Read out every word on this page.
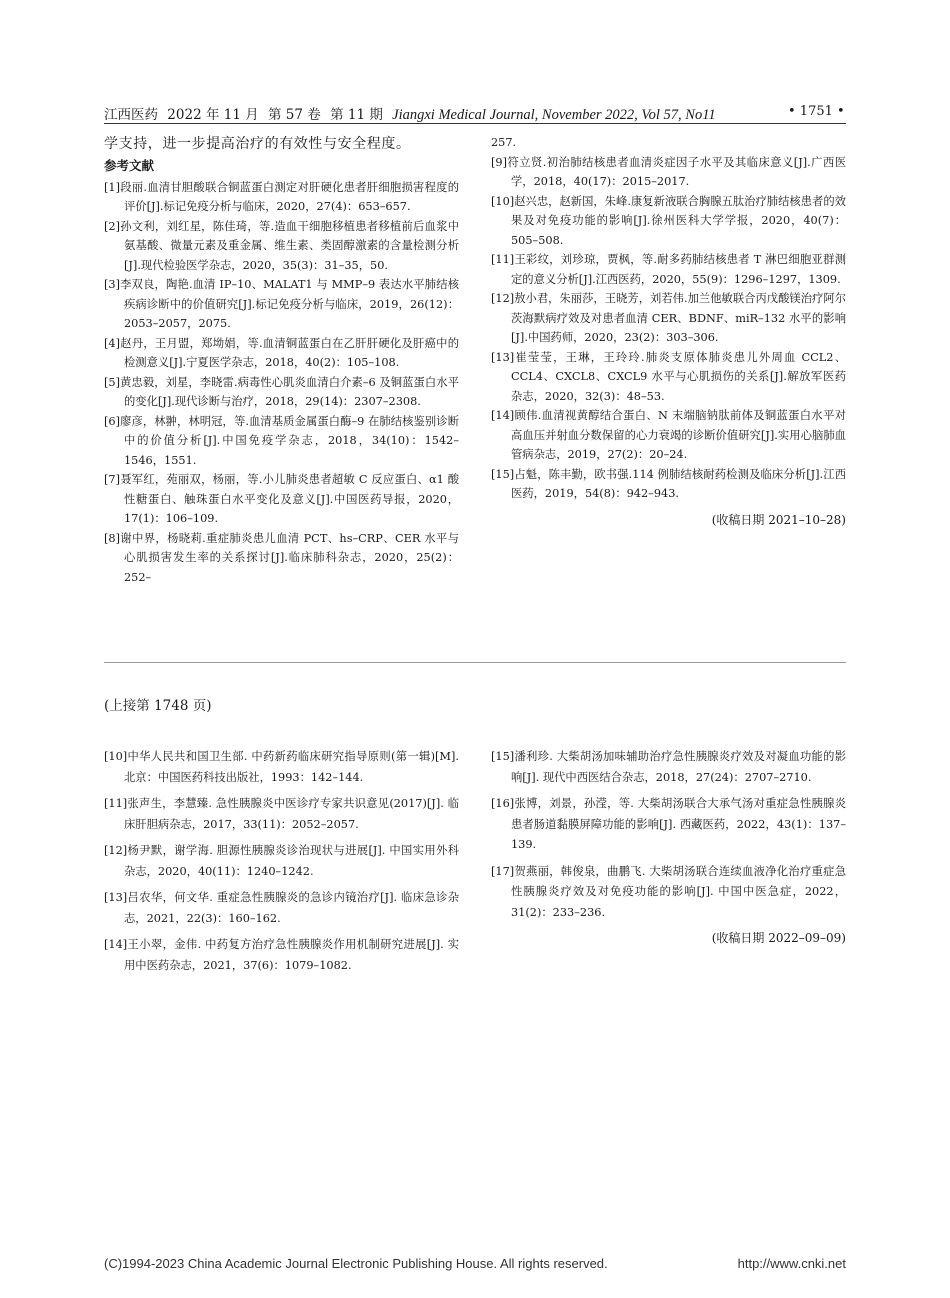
江西医药 2022 年 11 月 第 57 卷 第 11 期 Jiangxi Medical Journal, November 2022, Vol 57, No11	• 1751 •
学支持，进一步提高治疗的有效性与安全程度。
参考文献
[1]段丽.血清甘胆酸联合铜蓝蛋白测定对肝硬化患者肝细胞损害程度的评价[J].标记免疫分析与临床，2020，27(4)：653–657.
[2]孙文利，刘红星，陈佳琦，等.造血干细胞移植患者移植前后血浆中氨基酸、微量元素及重金属、维生素、类固醇激素的含量检测分析[J].现代检验医学杂志，2020，35(3)：31–35，50.
[3]李双良，陶艳.血清 IP–10、MALAT1 与 MMP–9 表达水平肺结核疾病诊断中的价值研究[J].标记免疫分析与临床，2019，26(12)：2053–2057，2075.
[4]赵丹，王月盟，郑坳娟，等.血清铜蓝蛋白在乙肝肝硬化及肝癌中的检测意义[J].宁夏医学杂志，2018，40(2)：105–108.
[5]黄忠毅，刘星，李晓雷.病毒性心肌炎血清白介素–6 及铜蓝蛋白水平的变化[J].现代诊断与治疗，2018，29(14)：2307–2308.
[6]廖彦，林翀，林明冠，等.血清基质金属蛋白酶–9 在肺结核鉴别诊断中的价值分析[J].中国免疫学杂志，2018，34(10)：1542–1546，1551.
[7]聂军红，苑丽双，杨丽，等.小儿肺炎患者超敏 C 反应蛋白、α1 酸性糖蛋白、触珠蛋白水平变化及意义[J].中国医药导报，2020，17(1)：106–109.
[8]谢中界，杨晓莉.重症肺炎患儿血清 PCT、hs–CRP、CER 水平与心肌损害发生率的关系探讨[J].临床肺科杂志，2020，25(2)：252–
257.
[9]符立贤.初治肺结核患者血清炎症因子水平及其临床意义[J].广西医学，2018，40(17)：2015–2017.
[10]赵兴忠，赵新国，朱峰.康复新液联合胸腺五肽治疗肺结核患者的效果及对免疫功能的影响[J].徐州医科大学学报，2020，40(7)：505–508.
[11]王彩纹，刘珍琼，贾枫，等.耐多药肺结核患者 T 淋巴细胞亚群测定的意义分析[J].江西医药，2020，55(9)：1296–1297，1309.
[12]敖小君，朱丽莎，王晓芳，刘若伟.加兰他敏联合丙戊酸镁治疗阿尔茨海默病疗效及对患者血清 CER、BDNF、miR–132 水平的影响[J].中国药师，2020，23(2)：303–306.
[13]崔莹莹，王琳，王玲玲.肺炎支原体肺炎患儿外周血 CCL2、CCL4、CXCL8、CXCL9 水平与心肌损伤的关系[J].解放军医药杂志，2020，32(3)：48–53.
[14]顾伟.血清视黄醇结合蛋白、N 末端脑钠肽前体及铜蓝蛋白水平对高血压并射血分数保留的心力衰竭的诊断价值研究[J].实用心脑肺血管病杂志，2019，27(2)：20–24.
[15]占魁，陈丰勤，欧书强.114 例肺结核耐药检测及临床分析[J].江西医药，2019，54(8)：942–943.
(收稿日期 2021–10–28)
(上接第 1748 页)
[10]中华人民共和国卫生部. 中药新药临床研究指导原则(第一辑)[M]. 北京：中国医药科技出版社，1993：142–144.
[11]张声生，李慧臻. 急性胰腺炎中医诊疗专家共识意见(2017)[J]. 临床肝胆病杂志，2017，33(11)：2052–2057.
[12]杨尹默，谢学海. 胆源性胰腺炎诊治现状与进展[J]. 中国实用外科杂志，2020，40(11)：1240–1242.
[13]吕农华，何文华. 重症急性胰腺炎的急诊内镜治疗[J]. 临床急诊杂志，2021，22(3)：160–162.
[14]王小翠，金伟. 中药复方治疗急性胰腺炎作用机制研究进展[J]. 实用中医药杂志，2021，37(6)：1079–1082.
[15]潘利珍. 大柴胡汤加味辅助治疗急性胰腺炎疗效及对凝血功能的影响[J]. 现代中西医结合杂志，2018，27(24)：2707–2710.
[16]张博，刘景，孙滢，等. 大柴胡汤联合大承气汤对重症急性胰腺炎患者肠道黏膜屏障功能的影响[J]. 西藏医药，2022，43(1)：137–139.
[17]贺燕丽，韩俊泉，曲鹏飞. 大柴胡汤联合连续血液净化治疗重症急性胰腺炎疗效及对免疫功能的影响[J]. 中国中医急症，2022，31(2)：233–236.
(收稿日期 2022–09–09)
(C)1994-2023 China Academic Journal Electronic Publishing House. All rights reserved.	http://www.cnki.net
